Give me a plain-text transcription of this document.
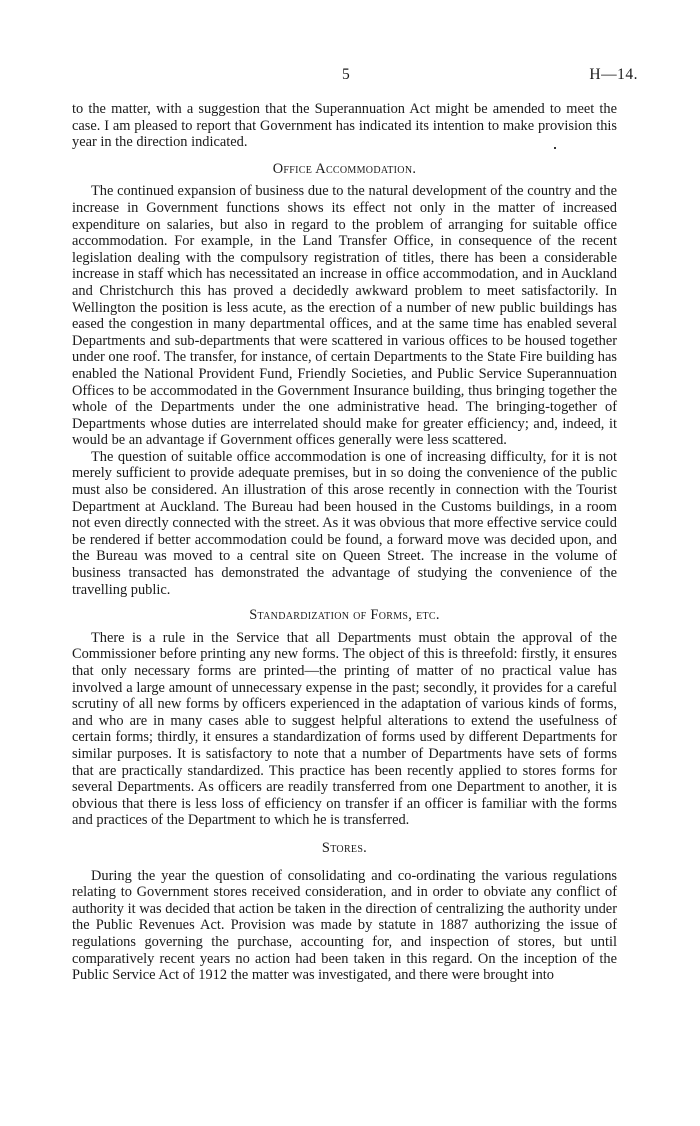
5	H—14.

to the matter, with a suggestion that the Superannuation Act might be amended to meet the case. I am pleased to report that Government has indicated its intention to make provision this year in the direction indicated.

Office Accommodation.

The continued expansion of business due to the natural development of the country and the increase in Government functions shows its effect not only in the matter of increased expenditure on salaries, but also in regard to the problem of arranging for suitable office accommodation. For example, in the Land Transfer Office, in consequence of the recent legislation dealing with the compulsory registration of titles, there has been a considerable increase in staff which has necessitated an increase in office accommodation, and in Auckland and Christchurch this has proved a decidedly awkward problem to meet satisfactorily. In Wellington the position is less acute, as the erection of a number of new public buildings has eased the congestion in many departmental offices, and at the same time has enabled several Departments and sub-departments that were scattered in various offices to be housed together under one roof. The transfer, for instance, of certain Departments to the State Fire building has enabled the National Provident Fund, Friendly Societies, and Public Service Superannuation Offices to be accommodated in the Government Insurance building, thus bringing together the whole of the Departments under the one administrative head. The bringing-together of Departments whose duties are interrelated should make for greater efficiency; and, indeed, it would be an advantage if Government offices generally were less scattered.

The question of suitable office accommodation is one of increasing difficulty, for it is not merely sufficient to provide adequate premises, but in so doing the convenience of the public must also be considered. An illustration of this arose recently in connection with the Tourist Department at Auckland. The Bureau had been housed in the Customs buildings, in a room not even directly connected with the street. As it was obvious that more effective service could be rendered if better accommodation could be found, a forward move was decided upon, and the Bureau was moved to a central site on Queen Street. The increase in the volume of business transacted has demonstrated the advantage of studying the convenience of the travelling public.

Standardization of Forms, etc.

There is a rule in the Service that all Departments must obtain the approval of the Commissioner before printing any new forms. The object of this is threefold: firstly, it ensures that only necessary forms are printed—the printing of matter of no practical value has involved a large amount of unnecessary expense in the past; secondly, it provides for a careful scrutiny of all new forms by officers experienced in the adaptation of various kinds of forms, and who are in many cases able to suggest helpful alterations to extend the usefulness of certain forms; thirdly, it ensures a standardization of forms used by different Departments for similar purposes. It is satisfactory to note that a number of Departments have sets of forms that are practically standardized. This practice has been recently applied to stores forms for several Departments. As officers are readily transferred from one Department to another, it is obvious that there is less loss of efficiency on transfer if an officer is familiar with the forms and practices of the Department to which he is transferred.

Stores.

During the year the question of consolidating and co-ordinating the various regulations relating to Government stores received consideration, and in order to obviate any conflict of authority it was decided that action be taken in the direction of centralizing the authority under the Public Revenues Act. Provision was made by statute in 1887 authorizing the issue of regulations governing the purchase, accounting for, and inspection of stores, but until comparatively recent years no action had been taken in this regard. On the inception of the Public Service Act of 1912 the matter was investigated, and there were brought into
